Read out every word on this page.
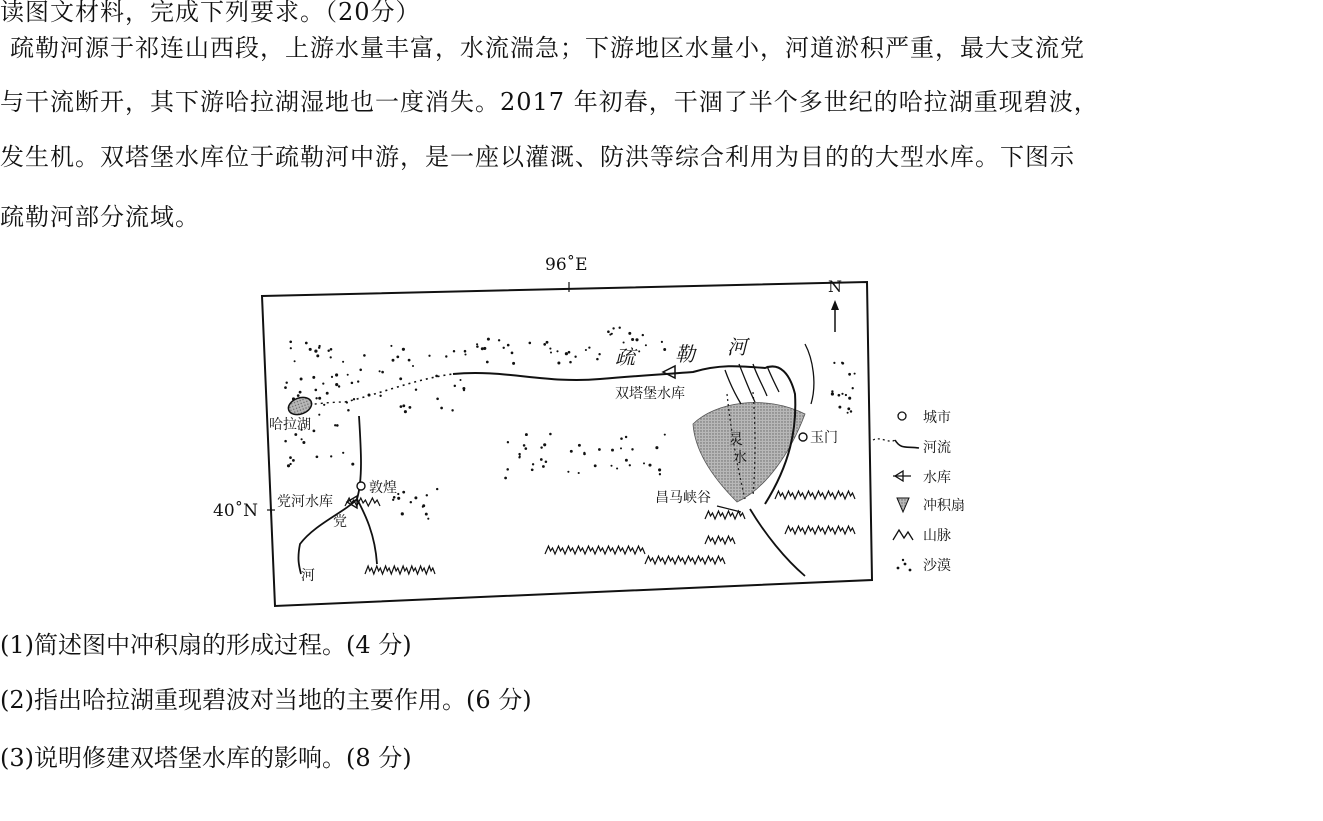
读图文材料，完成下列要求。（20分）
疏勒河源于祁连山西段，上游水量丰富，水流湍急；下游地区水量小，河道淤积严重，最大支流党
与干流断开，其下游哈拉湖湿地也一度消失。2017 年初春，干涸了半个多世纪的哈拉湖重现碧波，
发生机。双塔堡水库位于疏勒河中游，是一座以灌溉、防洪等综合利用为目的的大型水库。下图示
疏勒河部分流域。
96˚E
40˚N
N
灵
水
疏 勒 河
双塔堡水库
哈拉湖
敦煌
党河水库
党
河
玉门
昌马峡谷
城市
河流
水库
冲积扇
山脉
沙漠
(1)简述图中冲积扇的形成过程。(4 分)
(2)指出哈拉湖重现碧波对当地的主要作用。(6 分)
(3)说明修建双塔堡水库的影响。(8 分)
